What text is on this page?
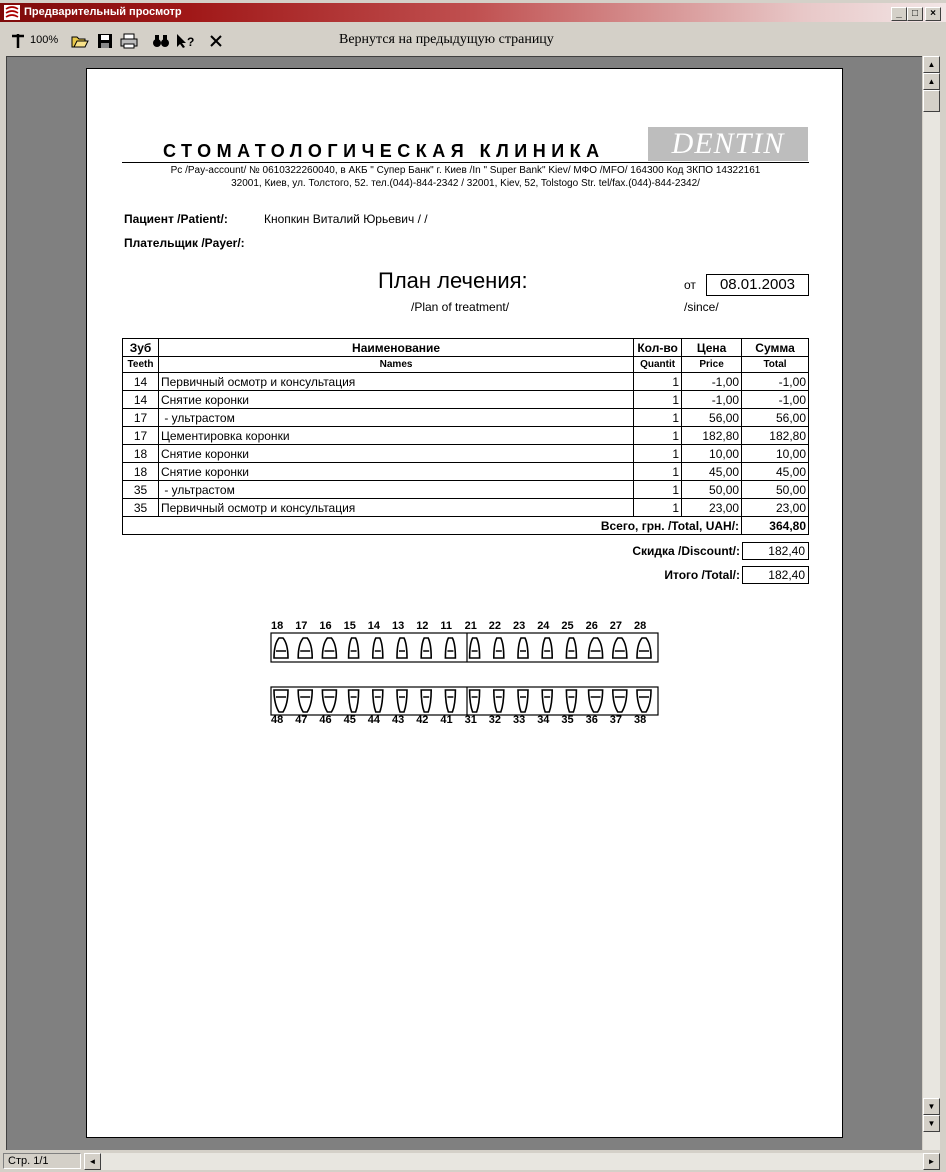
Предварительный просмотр	_	□	×
100%	?	Вернутся на предыдущую страницу
▲
▲
▼
▼
Стр. 1/1	◄	►
СТОМАТОЛОГИЧЕСКАЯ КЛИНИКА	DENTIN
Рс /Pay-account/ № 0610322260040, в АКБ " Супер Банк" г. Киев /In " Super Bank" Kiev/ МФО /MFO/ 164300 Код ЗКПО 14322161
32001, Киев, ул. Толстого, 52. тел.(044)-844-2342 / 32001, Kiev, 52, Tolstogo Str. tel/fax.(044)-844-2342/
Пациент /Patient/:	Кнопкин Виталий Юрьевич / /
Плательщик /Payer/:
План лечения:
/Plan of treatment/
от	08.01.2003
/since/
Зуб	Наименование	Кол-во	Цена	Сумма
Teeth	Names	Quantit	Price	Total
14	Первичный осмотр и консультация	1	-1,00	-1,00
14	Снятие коронки	1	-1,00	-1,00
17	- ультрастом	1	56,00	56,00
17	Цементировка коронки	1	182,80	182,80
18	Снятие коронки	1	10,00	10,00
18	Снятие коронки	1	45,00	45,00
35	- ультрастом	1	50,00	50,00
35	Первичный осмотр и консультация	1	23,00	23,00
Всего, грн. /Total, UAH/:				364,80
Скидка /Discount/:	182,40
Итого /Total/:	182,40
18 17 16 15 14 13 12 11 21 22 23 24 25 26 27 28
48 47 46 45 44 43 42 41 31 32 33 34 35 36 37 38
